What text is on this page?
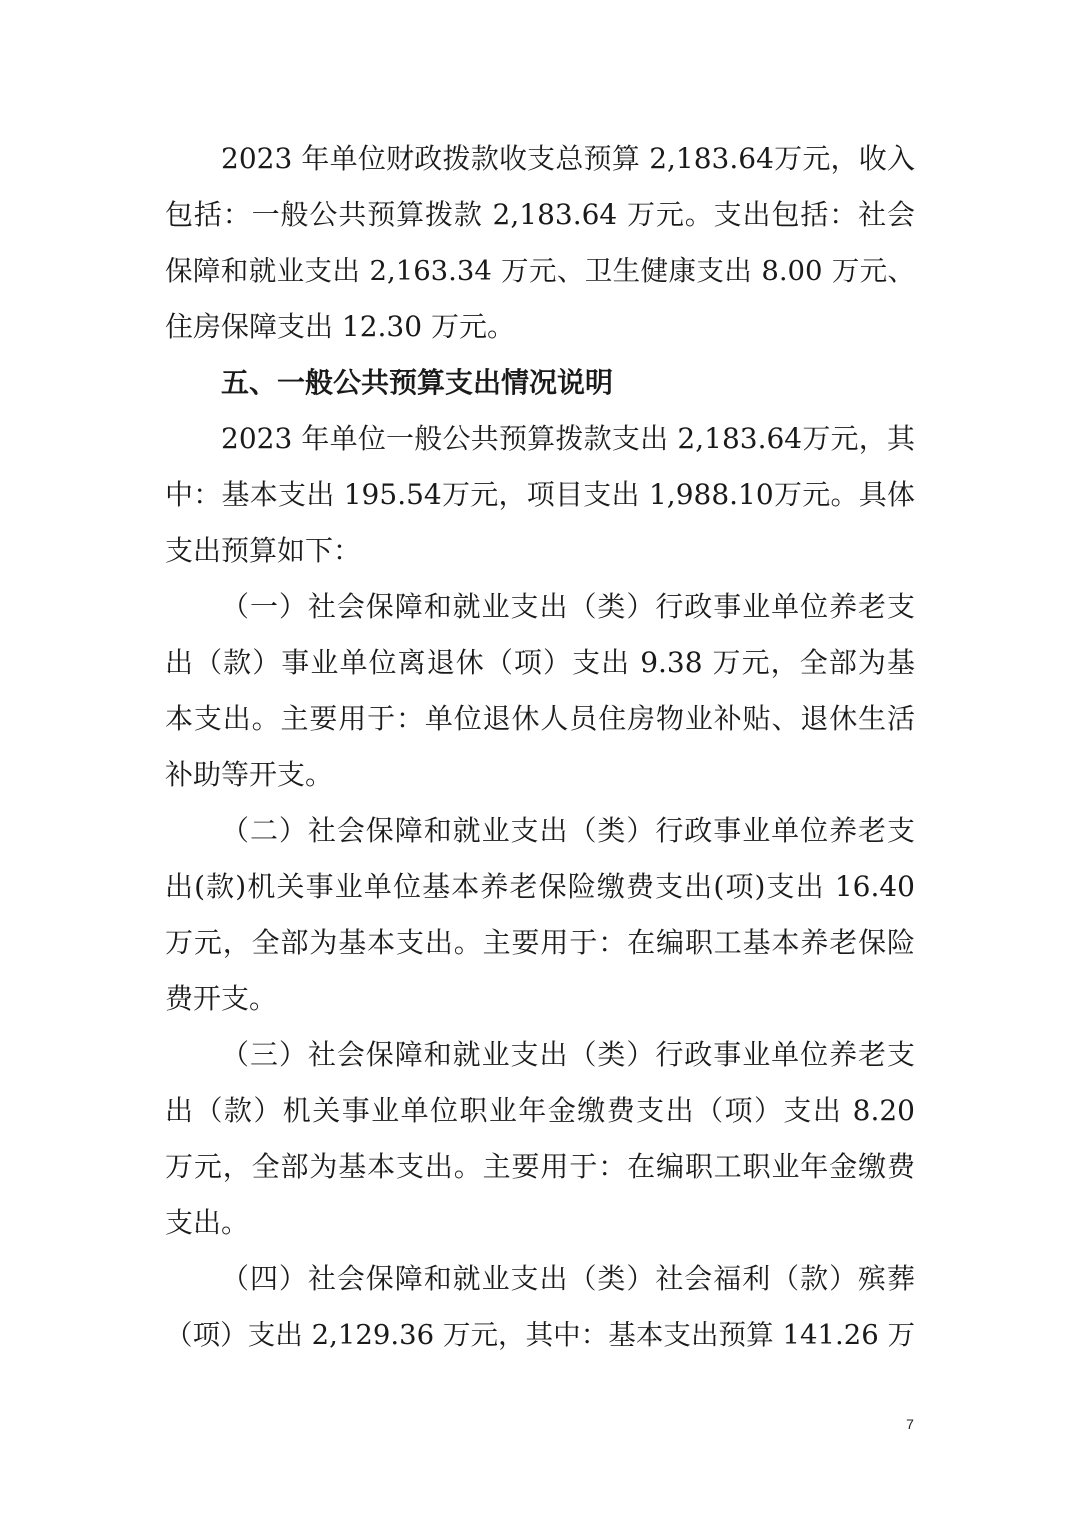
2023 年单位财政拨款收支总预算 2,183.64万元，收入
包括：一般公共预算拨款 2,183.64 万元。支出包括：社会
保障和就业支出 2,163.34 万元、卫生健康支出 8.00 万元、
住房保障支出 12.30 万元。
五、一般公共预算支出情况说明
2023 年单位一般公共预算拨款支出 2,183.64万元，其
中：基本支出 195.54万元，项目支出 1,988.10万元。具体
支出预算如下：
（一）社会保障和就业支出（类）行政事业单位养老支
出（款）事业单位离退休（项）支出 9.38 万元，全部为基
本支出。主要用于：单位退休人员住房物业补贴、退休生活
补助等开支。
（二）社会保障和就业支出（类）行政事业单位养老支
出(款)机关事业单位基本养老保险缴费支出(项)支出 16.40
万元，全部为基本支出。主要用于：在编职工基本养老保险
费开支。
（三）社会保障和就业支出（类）行政事业单位养老支
出（款）机关事业单位职业年金缴费支出（项）支出 8.20
万元，全部为基本支出。主要用于：在编职工职业年金缴费
支出。
（四）社会保障和就业支出（类）社会福利（款）殡葬
（项）支出 2,129.36 万元，其中：基本支出预算 141.26 万
7
